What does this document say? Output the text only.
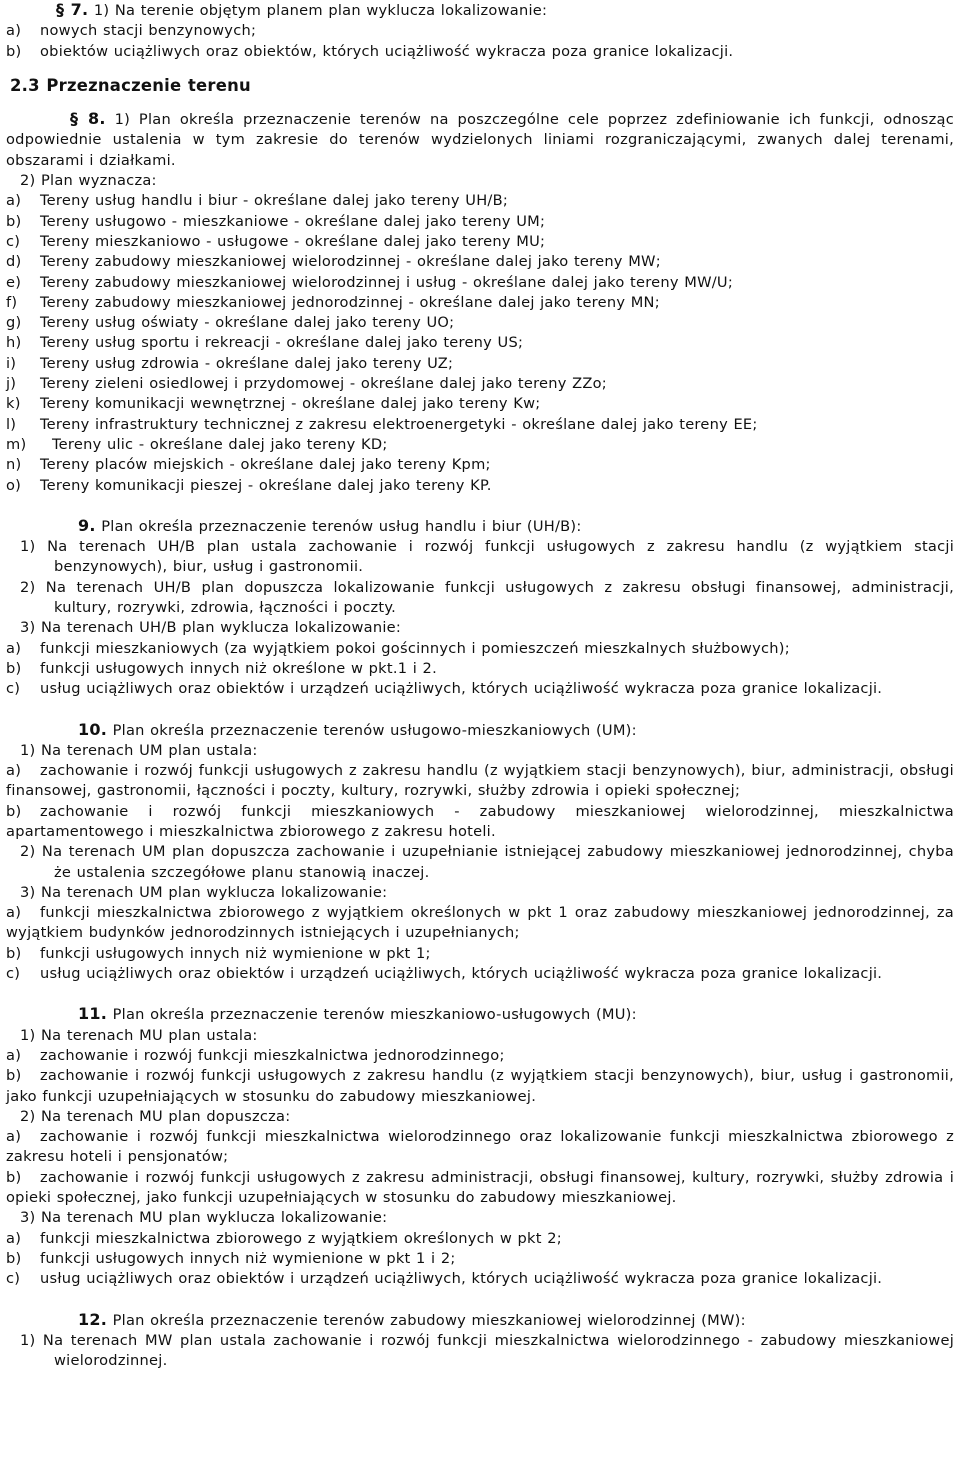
§ 7. 1) Na terenie objętym planem plan wyklucza lokalizowanie:
a) nowych stacji benzynowych;
b) obiektów uciążliwych oraz obiektów, których uciążliwość wykracza poza granice lokalizacji.
2.3 Przeznaczenie terenu
§ 8. 1) Plan określa przeznaczenie terenów na poszczególne cele poprzez zdefiniowanie ich funkcji, odnosząc odpowiednie ustalenia w tym zakresie do terenów wydzielonych liniami rozgraniczającymi, zwanych dalej terenami, obszarami i działkami.
2) Plan wyznacza:
a) Tereny usług handlu i biur - określane dalej jako tereny UH/B;
b) Tereny usługowo - mieszkaniowe - określane dalej jako tereny UM;
c) Tereny mieszkaniowo - usługowe - określane dalej jako tereny MU;
d) Tereny zabudowy mieszkaniowej wielorodzinnej - określane dalej jako tereny MW;
e) Tereny zabudowy mieszkaniowej wielorodzinnej i usług - określane dalej jako tereny MW/U;
f) Tereny zabudowy mieszkaniowej jednorodzinnej - określane dalej jako tereny MN;
g) Tereny usług oświaty - określane dalej jako tereny UO;
h) Tereny usług sportu i rekreacji - określane dalej jako tereny US;
i) Tereny usług zdrowia - określane dalej jako tereny UZ;
j) Tereny zieleni osiedlowej i przydomowej - określane dalej jako tereny ZZo;
k) Tereny komunikacji wewnętrznej - określane dalej jako tereny Kw;
l) Tereny infrastruktury technicznej z zakresu elektroenergetyki - określane dalej jako tereny EE;
m) Tereny ulic - określane dalej jako tereny KD;
n) Tereny placów miejskich - określane dalej jako tereny Kpm;
o) Tereny komunikacji pieszej - określane dalej jako tereny KP.
9. Plan określa przeznaczenie terenów usług handlu i biur (UH/B):
1) Na terenach UH/B plan ustala zachowanie i rozwój funkcji usługowych z zakresu handlu (z wyjątkiem stacji benzynowych), biur, usług i gastronomii.
2) Na terenach UH/B plan dopuszcza lokalizowanie funkcji usługowych z zakresu obsługi finansowej, administracji, kultury, rozrywki, zdrowia, łączności i poczty.
3) Na terenach UH/B plan wyklucza lokalizowanie:
a) funkcji mieszkaniowych (za wyjątkiem pokoi gościnnych i pomieszczeń mieszkalnych służbowych);
b) funkcji usługowych innych niż określone w pkt.1 i 2.
c) usług uciążliwych oraz obiektów i urządzeń uciążliwych, których uciążliwość wykracza poza granice lokalizacji.
10. Plan określa przeznaczenie terenów usługowo-mieszkaniowych (UM):
1) Na terenach UM plan ustala:
a) zachowanie i rozwój funkcji usługowych z zakresu handlu (z wyjątkiem stacji benzynowych), biur, administracji, obsługi finansowej, gastronomii, łączności i poczty, kultury, rozrywki, służby zdrowia i opieki społecznej;
b) zachowanie i rozwój funkcji mieszkaniowych - zabudowy mieszkaniowej wielorodzinnej, mieszkalnictwa apartamentowego i mieszkalnictwa zbiorowego z zakresu hoteli.
2) Na terenach UM plan dopuszcza zachowanie i uzupełnianie istniejącej zabudowy mieszkaniowej jednorodzinnej, chyba że ustalenia szczegółowe planu stanowią inaczej.
3) Na terenach UM plan wyklucza lokalizowanie:
a) funkcji mieszkalnictwa zbiorowego z wyjątkiem określonych w pkt 1 oraz zabudowy mieszkaniowej jednorodzinnej, za wyjątkiem budynków jednorodzinnych istniejących i uzupełnianych;
b) funkcji usługowych innych niż wymienione w pkt 1;
c) usług uciążliwych oraz obiektów i urządzeń uciążliwych, których uciążliwość wykracza poza granice lokalizacji.
11. Plan określa przeznaczenie terenów mieszkaniowo-usługowych (MU):
1) Na terenach MU plan ustala:
a) zachowanie i rozwój funkcji mieszkalnictwa jednorodzinnego;
b) zachowanie i rozwój funkcji usługowych z zakresu handlu (z wyjątkiem stacji benzynowych), biur, usług i gastronomii, jako funkcji uzupełniających w stosunku do zabudowy mieszkaniowej.
2) Na terenach MU plan dopuszcza:
a) zachowanie i rozwój funkcji mieszkalnictwa wielorodzinnego oraz lokalizowanie funkcji mieszkalnictwa zbiorowego z zakresu hoteli i pensjonatów;
b) zachowanie i rozwój funkcji usługowych z zakresu administracji, obsługi finansowej, kultury, rozrywki, służby zdrowia i opieki społecznej, jako funkcji uzupełniających w stosunku do zabudowy mieszkaniowej.
3) Na terenach MU plan wyklucza lokalizowanie:
a) funkcji mieszkalnictwa zbiorowego z wyjątkiem określonych w pkt 2;
b) funkcji usługowych innych niż wymienione w pkt 1 i 2;
c) usług uciążliwych oraz obiektów i urządzeń uciążliwych, których uciążliwość wykracza poza granice lokalizacji.
12. Plan określa przeznaczenie terenów zabudowy mieszkaniowej wielorodzinnej (MW):
1) Na terenach MW plan ustala zachowanie i rozwój funkcji mieszkalnictwa wielorodzinnego - zabudowy mieszkaniowej wielorodzinnej.
